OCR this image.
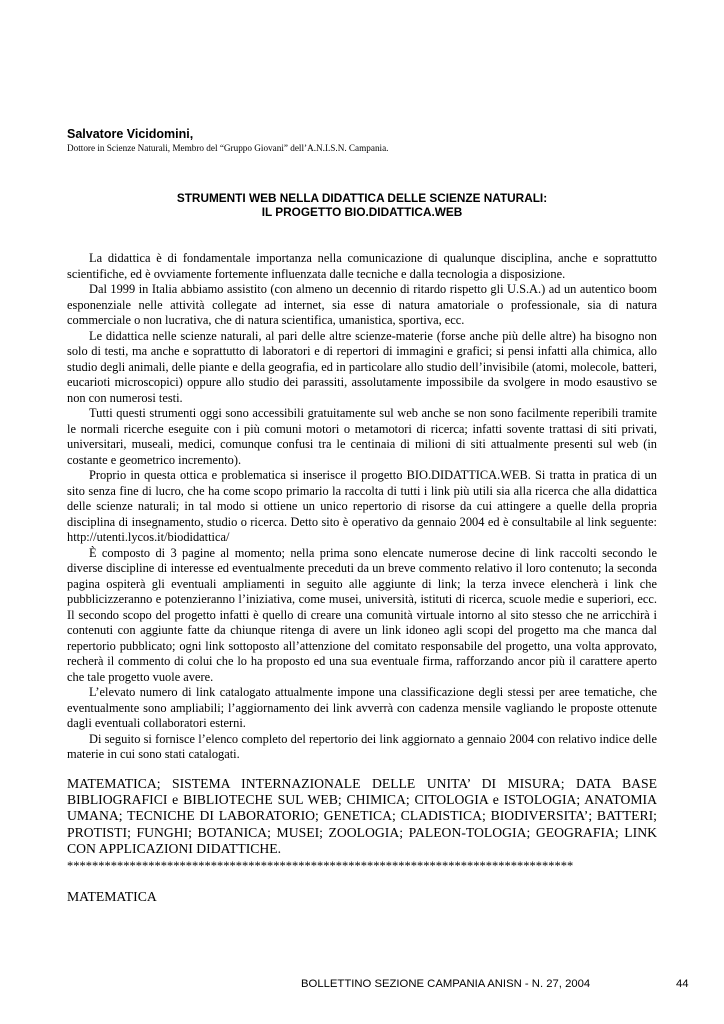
Salvatore Vicidomini,
Dottore in Scienze Naturali, Membro del “Gruppo Giovani” dell’A.N.I.S.N. Campania.
STRUMENTI WEB NELLA DIDATTICA DELLE SCIENZE NATURALI:
IL PROGETTO BIO.DIDATTICA.WEB

La didattica è di fondamentale importanza nella comunicazione di qualunque disciplina, anche e soprattutto scientifiche, ed è ovviamente fortemente influenzata dalle tecniche e dalla tecnologia a disposizione.

Dal 1999 in Italia abbiamo assistito (con almeno un decennio di ritardo rispetto gli U.S.A.) ad un autentico boom esponenziale nelle attività collegate ad internet, sia esse di natura amatoriale o professionale, sia di natura commerciale o non lucrativa, che di natura scientifica, umanistica, sportiva, ecc.

Le didattica nelle scienze naturali, al pari delle altre scienze-materie (forse anche più delle altre) ha bisogno non solo di testi, ma anche e soprattutto di laboratori e di repertori di immagini e grafici; si pensi infatti alla chimica, allo studio degli animali, delle piante e della geografia, ed in particolare allo studio dell’invisibile (atomi, molecole, batteri, eucarioti microscopici) oppure allo studio dei parassiti, assolutamente impossibile da svolgere in modo esaustivo se non con numerosi testi.

Tutti questi strumenti oggi sono accessibili gratuitamente sul web anche se non sono facilmente reperibili tramite le normali ricerche eseguite con i più comuni motori o metamotori di ricerca; infatti sovente trattasi di siti privati, universitari, museali, medici, comunque confusi tra le centinaia di milioni di siti attualmente presenti sul web (in costante e geometrico incremento).

Proprio in questa ottica e problematica si inserisce il progetto BIO.DIDATTICA.WEB. Si tratta in pratica di un sito senza fine di lucro, che ha come scopo primario la raccolta di tutti i link più utili sia alla ricerca che alla didattica delle scienze naturali; in tal modo si ottiene un unico repertorio di risorse da cui attingere a quelle della propria disciplina di insegnamento, studio o ricerca. Detto sito è operativo da gennaio 2004 ed è consultabile al link seguente: http://utenti.lycos.it/biodidattica/

È composto di 3 pagine al momento; nella prima sono elencate numerose decine di link raccolti secondo le diverse discipline di interesse ed eventualmente preceduti da un breve commento relativo il loro contenuto; la seconda pagina ospiterà gli eventuali ampliamenti in seguito alle aggiunte di link; la terza invece elencherà i link che pubblicizzeranno e potenzieranno l’iniziativa, come musei, università, istituti di ricerca, scuole medie e superiori, ecc. Il secondo scopo del progetto infatti è quello di creare una comunità virtuale intorno al sito stesso che ne arricchirà i contenuti con aggiunte fatte da chiunque ritenga di avere un link idoneo agli scopi del progetto ma che manca dal repertorio pubblicato; ogni link sottoposto all’attenzione del comitato responsabile del progetto, una volta approvato, recherà il commento di colui che lo ha proposto ed una sua eventuale firma, rafforzando ancor più il carattere aperto che tale progetto vuole avere.

L’elevato numero di link catalogato attualmente impone una classificazione degli stessi per aree tematiche, che eventualmente sono ampliabili; l’aggiornamento dei link avverrà con cadenza mensile vagliando le proposte ottenute dagli eventuali collaboratori esterni.

Di seguito si fornisce l’elenco completo del repertorio dei link aggiornato a gennaio 2004 con relativo indice delle materie in cui sono stati catalogati.

MATEMATICA; SISTEMA INTERNAZIONALE DELLE UNITA’ DI MISURA; DATA BASE BIBLIOGRAFICI e BIBLIOTECHE SUL WEB; CHIMICA; CITOLOGIA e ISTOLOGIA; ANATOMIA UMANA; TECNICHE DI LABORATORIO; GENETICA; CLADISTICA; BIODIVERSITA’; BATTERI; PROTISTI; FUNGHI; BOTANICA; MUSEI; ZOOLOGIA; PALEON-TOLOGIA; GEOGRAFIA; LINK CON APPLICAZIONI DIDATTICHE.
*********************************************************************************
MATEMATICA
BOLLETTINO SEZIONE CAMPANIA ANISN - N. 27, 2004	44
